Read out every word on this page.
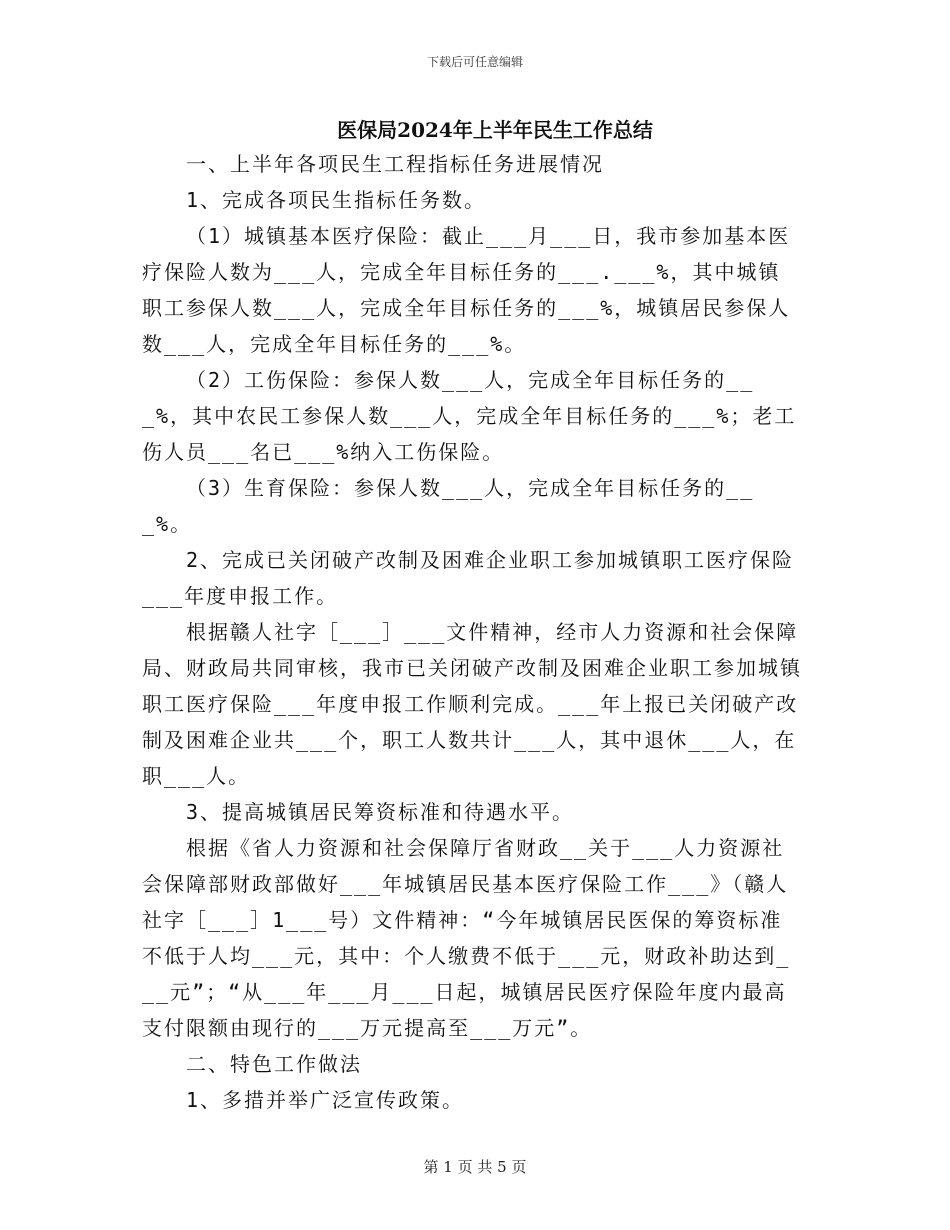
下载后可任意编辑
医保局2024年上半年民生工作总结

一、上半年各项民生工程指标任务进展情况

1、完成各项民生指标任务数。

（1）城镇基本医疗保险：截止___月___日，我市参加基本医疗保险人数为___人，完成全年目标任务的___.___%，其中城镇职工参保人数___人，完成全年目标任务的___%，城镇居民参保人数___人，完成全年目标任务的___%。

（2）工伤保险：参保人数___人，完成全年目标任务的___%，其中农民工参保人数___人，完成全年目标任务的___%；老工伤人员___名已___%纳入工伤保险。

（3）生育保险：参保人数___人，完成全年目标任务的___%。

2、完成已关闭破产改制及困难企业职工参加城镇职工医疗保险___年度申报工作。

根据赣人社字［___］___文件精神，经市人力资源和社会保障局、财政局共同审核，我市已关闭破产改制及困难企业职工参加城镇职工医疗保险___年度申报工作顺利完成。___年上报已关闭破产改制及困难企业共___个，职工人数共计___人，其中退休___人，在职___人。

3、提高城镇居民筹资标准和待遇水平。

根据《省人力资源和社会保障厅省财政__关于___人力资源社会保障部财政部做好___年城镇居民基本医疗保险工作___》（赣人社字［___］1___号）文件精神：“今年城镇居民医保的筹资标准不低于人均___元，其中：个人缴费不低于___元，财政补助达到___元”；“从___年___月___日起，城镇居民医疗保险年度内最高支付限额由现行的___万元提高至___万元”。

二、特色工作做法

1、多措并举广泛宣传政策。

第 1 页 共 5 页
